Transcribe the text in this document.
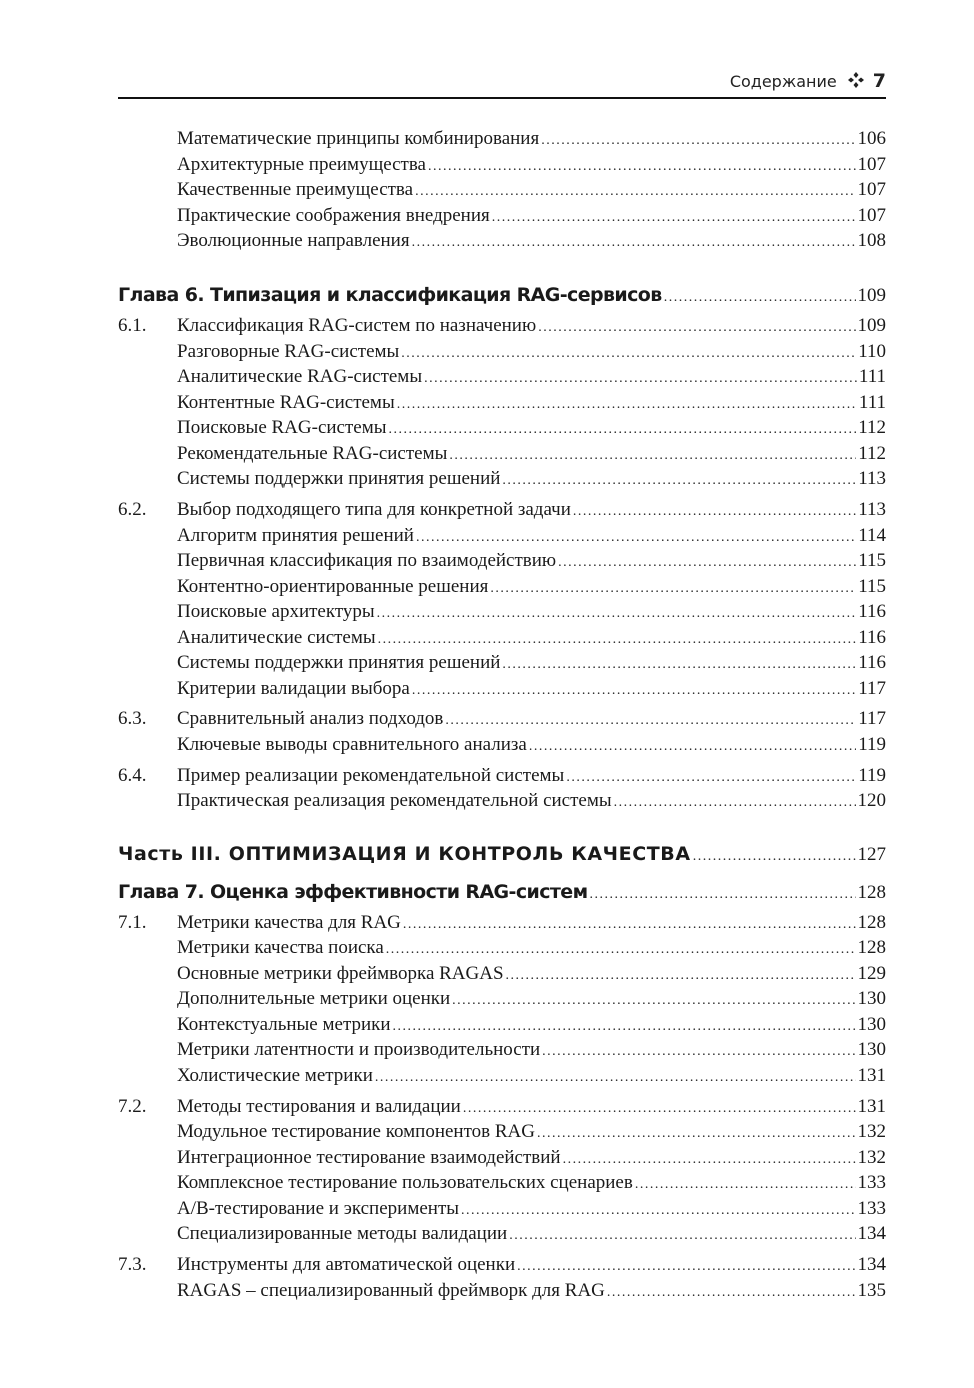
Содержание 7
Математические принципы комбинирования . . .	106
Архитектурные преимущества . . .	107
Качественные преимущества . . .	107
Практические соображения внедрения . . .	107
Эволюционные направления . . .	108
Глава 6. Типизация и классификация RAG-сервисов . . .	109
6.1.	Классификация RAG-систем по назначению . . .	109
Разговорные RAG-системы . . .	110
Аналитические RAG-системы . . .	111
Контентные RAG-системы . . .	111
Поисковые RAG-системы . . .	112
Рекомендательные RAG-системы . . .	112
Системы поддержки принятия решений . . .	113
6.2.	Выбор подходящего типа для конкретной задачи . . .	113
Алгоритм принятия решений . . .	114
Первичная классификация по взаимодействию . . .	115
Контентно-ориентированные решения . . .	115
Поисковые архитектуры . . .	116
Аналитические системы . . .	116
Системы поддержки принятия решений . . .	116
Критерии валидации выбора . . .	117
6.3.	Сравнительный анализ подходов . . .	117
Ключевые выводы сравнительного анализа . . .	119
6.4.	Пример реализации рекомендательной системы . . .	119
Практическая реализация рекомендательной системы . . .	120
Часть III. ОПТИМИЗАЦИЯ И КОНТРОЛЬ КАЧЕСТВА . . .	127
Глава 7. Оценка эффективности RAG-систем . . .	128
7.1.	Метрики качества для RAG . . .	128
Метрики качества поиска . . .	128
Основные метрики фреймворка RAGAS . . .	129
Дополнительные метрики оценки . . .	130
Контекстуальные метрики . . .	130
Метрики латентности и производительности . . .	130
Холистические метрики . . .	131
7.2.	Методы тестирования и валидации . . .	131
Модульное тестирование компонентов RAG . . .	132
Интеграционное тестирование взаимодействий . . .	132
Комплексное тестирование пользовательских сценариев . . .	133
A/B-тестирование и эксперименты . . .	133
Специализированные методы валидации . . .	134
7.3.	Инструменты для автоматической оценки . . .	134
RAGAS – специализированный фреймворк для RAG . . .	135
